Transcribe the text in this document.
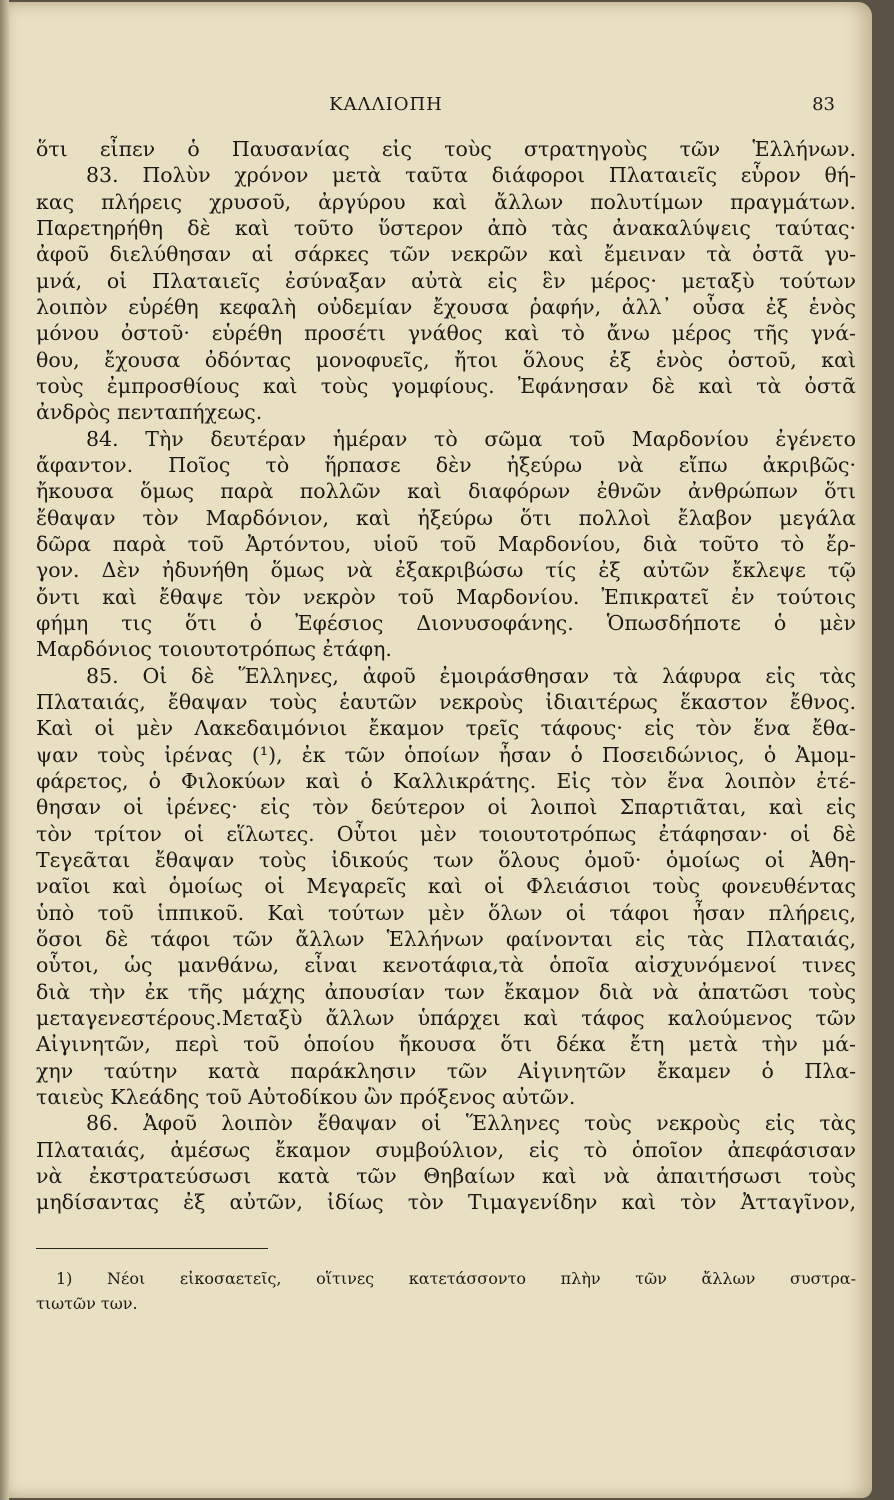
ΚΑΛΛΙΟΠΗ	83
ὅτι εἶπεν ὁ Παυσανίας εἰς τοὺς στρατηγοὺς τῶν Ἑλλήνων.
83. Πολὺν χρόνον μετὰ ταῦτα διάφοροι Πλαταιεῖς εὗρον θή-
κας πλήρεις χρυσοῦ, ἀργύρου καὶ ἄλλων πολυτίμων πραγμάτων.
Παρετηρήθη δὲ καὶ τοῦτο ὕστερον ἀπὸ τὰς ἀνακαλύψεις ταύτας·
ἀφοῦ διελύθησαν αἱ σάρκες τῶν νεκρῶν καὶ ἔμειναν τὰ ὀστᾶ γυ-
μνά, οἱ Πλαταιεῖς ἐσύναξαν αὐτὰ εἰς ἓν μέρος· μεταξὺ τούτων
λοιπὸν εὑρέθη κεφαλὴ οὐδεμίαν ἔχουσα ῥαφήν, ἀλλ᾽ οὖσα ἐξ ἑνὸς
μόνου ὀστοῦ· εὑρέθη προσέτι γνάθος καὶ τὸ ἄνω μέρος τῆς γνά-
θου, ἔχουσα ὀδόντας μονοφυεῖς, ἤτοι ὅλους ἐξ ἑνὸς ὀστοῦ, καὶ
τοὺς ἐμπροσθίους καὶ τοὺς γομφίους. Ἐφάνησαν δὲ καὶ τὰ ὀστᾶ
ἀνδρὸς πενταπήχεως.
84. Τὴν δευτέραν ἡμέραν τὸ σῶμα τοῦ Μαρδονίου ἐγένετο
ἄφαντον. Ποῖος τὸ ἥρπασε δὲν ἠξεύρω νὰ εἴπω ἀκριβῶς·
ἤκουσα ὅμως παρὰ πολλῶν καὶ διαφόρων ἐθνῶν ἀνθρώπων ὅτι
ἔθαψαν τὸν Μαρδόνιον, καὶ ἠξεύρω ὅτι πολλοὶ ἔλαβον μεγάλα
δῶρα παρὰ τοῦ Ἀρτόντου, υἱοῦ τοῦ Μαρδονίου, διὰ τοῦτο τὸ ἔρ-
γον. Δὲν ἠδυνήθη ὅμως νὰ ἐξακριβώσω τίς ἐξ αὐτῶν ἔκλεψε τῷ
ὄντι καὶ ἔθαψε τὸν νεκρὸν τοῦ Μαρδονίου. Ἐπικρατεῖ ἐν τούτοις
φήμη τις ὅτι ὁ Ἐφέσιος Διονυσοφάνης. Ὁπωσδήποτε ὁ μὲν
Μαρδόνιος τοιουτοτρόπως ἐτάφη.
85. Οἱ δὲ Ἕλληνες, ἀφοῦ ἐμοιράσθησαν τὰ λάφυρα εἰς τὰς
Πλαταιάς, ἔθαψαν τοὺς ἑαυτῶν νεκροὺς ἰδιαιτέρως ἕκαστον ἔθνος.
Καὶ οἱ μὲν Λακεδαιμόνιοι ἔκαμον τρεῖς τάφους· εἰς τὸν ἕνα ἔθα-
ψαν τοὺς ἰρένας (¹), ἐκ τῶν ὁποίων ἦσαν ὁ Ποσειδώνιος, ὁ Ἀμομ-
φάρετος, ὁ Φιλοκύων καὶ ὁ Καλλικράτης. Εἰς τὸν ἕνα λοιπὸν ἐτέ-
θησαν οἱ ἰρένες· εἰς τὸν δεύτερον οἱ λοιποὶ Σπαρτιᾶται, καὶ εἰς
τὸν τρίτον οἱ εἵλωτες. Οὗτοι μὲν τοιουτοτρόπως ἐτάφησαν· οἱ δὲ
Τεγεᾶται ἔθαψαν τοὺς ἰδικούς των ὅλους ὁμοῦ· ὁμοίως οἱ Ἀθη-
ναῖοι καὶ ὁμοίως οἱ Μεγαρεῖς καὶ οἱ Φλειάσιοι τοὺς φονευθέντας
ὑπὸ τοῦ ἱππικοῦ. Καὶ τούτων μὲν ὅλων οἱ τάφοι ἦσαν πλήρεις,
ὅσοι δὲ τάφοι τῶν ἄλλων Ἑλλήνων φαίνονται εἰς τὰς Πλαταιάς,
οὗτοι, ὡς μανθάνω, εἶναι κενοτάφια,τὰ ὁποῖα αἰσχυνόμενοί τινες
διὰ τὴν ἐκ τῆς μάχης ἀπουσίαν των ἔκαμον διὰ νὰ ἀπατῶσι τοὺς
μεταγενεστέρους.Μεταξὺ ἄλλων ὑπάρχει καὶ τάφος καλούμενος τῶν
Αἰγινητῶν, περὶ τοῦ ὁποίου ἤκουσα ὅτι δέκα ἔτη μετὰ τὴν μά-
χην ταύτην κατὰ παράκλησιν τῶν Αἰγινητῶν ἔκαμεν ὁ Πλα-
ταιεὺς Κλεάδης τοῦ Αὐτοδίκου ὢν πρόξενος αὐτῶν.
86. Ἀφοῦ λοιπὸν ἔθαψαν οἱ Ἕλληνες τοὺς νεκροὺς εἰς τὰς
Πλαταιάς, ἀμέσως ἔκαμον συμβούλιον, εἰς τὸ ὁποῖον ἀπεφάσισαν
νὰ ἐκστρατεύσωσι κατὰ τῶν Θηβαίων καὶ νὰ ἀπαιτήσωσι τοὺς
μηδίσαντας ἐξ αὐτῶν, ἰδίως τὸν Τιμαγενίδην καὶ τὸν Ἀτταγῖνον,
1) Νέοι εἰκοσαετεῖς, οἵτινες κατετάσσοντο πλὴν τῶν ἄλλων συστρα-
τιωτῶν των.
